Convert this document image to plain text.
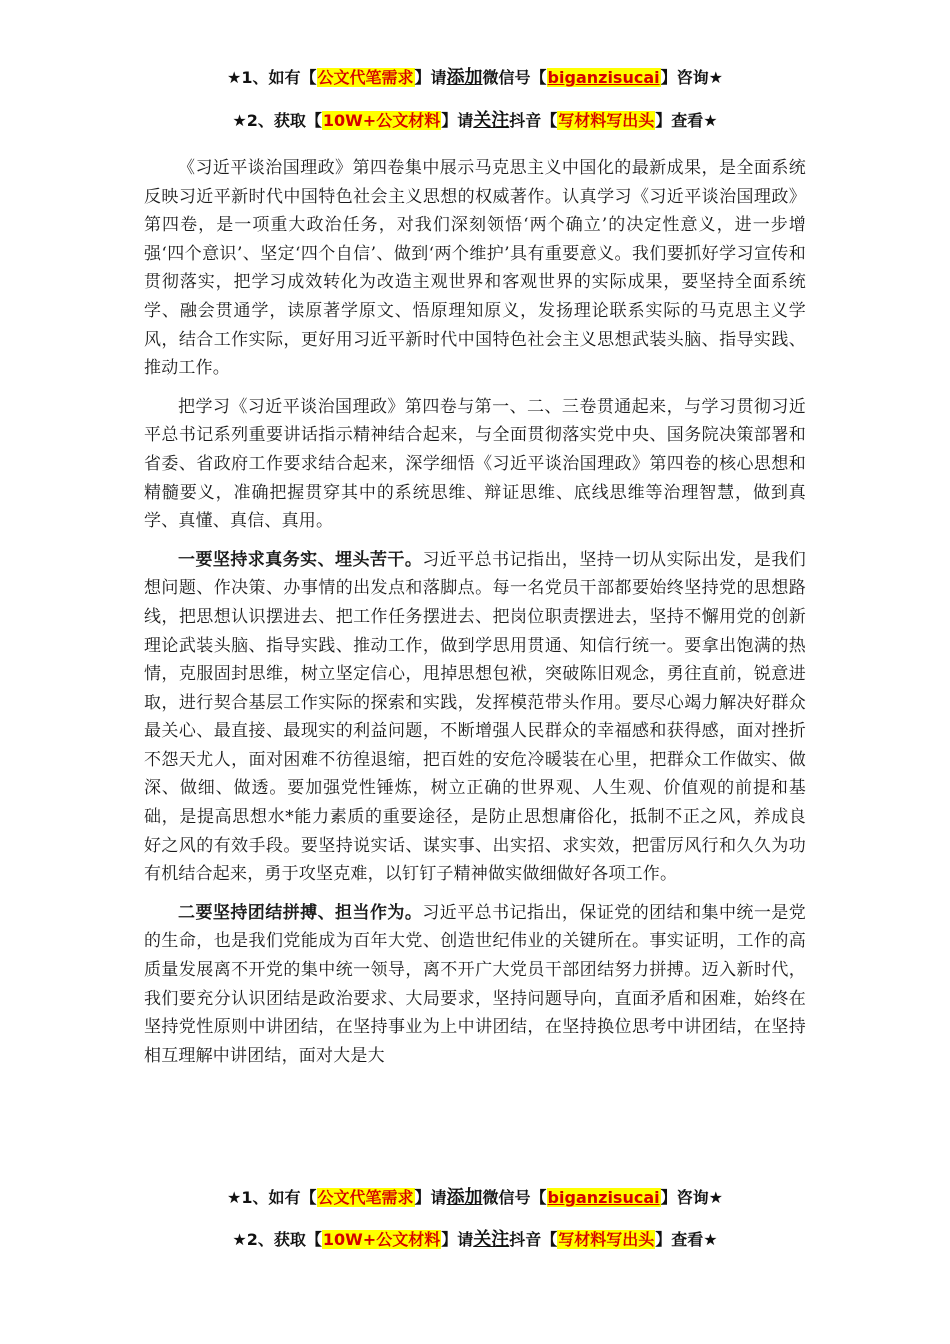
★1、如有【公文代笔需求】请添加微信号【biganzisucai】咨询★
★2、获取【10W+公文材料】请关注抖音【写材料写出头】查看★

《习近平谈治国理政》第四卷集中展示马克思主义中国化的最新成果，是全面系统反映习近平新时代中国特色社会主义思想的权威著作。认真学习《习近平谈治国理政》第四卷，是一项重大政治任务，对我们深刻领悟‘两个确立’的决定性意义，进一步增强‘四个意识’、坚定‘四个自信’、做到‘两个维护’具有重要意义。我们要抓好学习宣传和贯彻落实，把学习成效转化为改造主观世界和客观世界的实际成果，要坚持全面系统学、融会贯通学，读原著学原文、悟原理知原义，发扬理论联系实际的马克思主义学风，结合工作实际，更好用习近平新时代中国特色社会主义思想武装头脑、指导实践、推动工作。

把学习《习近平谈治国理政》第四卷与第一、二、三卷贯通起来，与学习贯彻习近平总书记系列重要讲话指示精神结合起来，与全面贯彻落实党中央、国务院决策部署和省委、省政府工作要求结合起来，深学细悟《习近平谈治国理政》第四卷的核心思想和精髓要义，准确把握贯穿其中的系统思维、辩证思维、底线思维等治理智慧，做到真学、真懂、真信、真用。

一要坚持求真务实、埋头苦干。习近平总书记指出，坚持一切从实际出发，是我们想问题、作决策、办事情的出发点和落脚点。每一名党员干部都要始终坚持党的思想路线，把思想认识摆进去、把工作任务摆进去、把岗位职责摆进去，坚持不懈用党的创新理论武装头脑、指导实践、推动工作，做到学思用贯通、知信行统一。要拿出饱满的热情，克服固封思维，树立坚定信心，甩掉思想包袱，突破陈旧观念，勇往直前，锐意进取，进行契合基层工作实际的探索和实践，发挥模范带头作用。要尽心竭力解决好群众最关心、最直接、最现实的利益问题，不断增强人民群众的幸福感和获得感，面对挫折不怨天尤人，面对困难不彷徨退缩，把百姓的安危冷暖装在心里，把群众工作做实、做深、做细、做透。要加强党性锤炼，树立正确的世界观、人生观、价值观的前提和基础，是提高思想水*能力素质的重要途径，是防止思想庸俗化，抵制不正之风，养成良好之风的有效手段。要坚持说实话、谋实事、出实招、求实效，把雷厉风行和久久为功有机结合起来，勇于攻坚克难，以钉钉子精神做实做细做好各项工作。

二要坚持团结拼搏、担当作为。习近平总书记指出，保证党的团结和集中统一是党的生命，也是我们党能成为百年大党、创造世纪伟业的关键所在。事实证明，工作的高质量发展离不开党的集中统一领导，离不开广大党员干部团结努力拼搏。迈入新时代，我们要充分认识团结是政治要求、大局要求，坚持问题导向，直面矛盾和困难，始终在坚持党性原则中讲团结，在坚持事业为上中讲团结，在坚持换位思考中讲团结，在坚持相互理解中讲团结，面对大是大

★1、如有【公文代笔需求】请添加微信号【biganzisucai】咨询★
★2、获取【10W+公文材料】请关注抖音【写材料写出头】查看★
